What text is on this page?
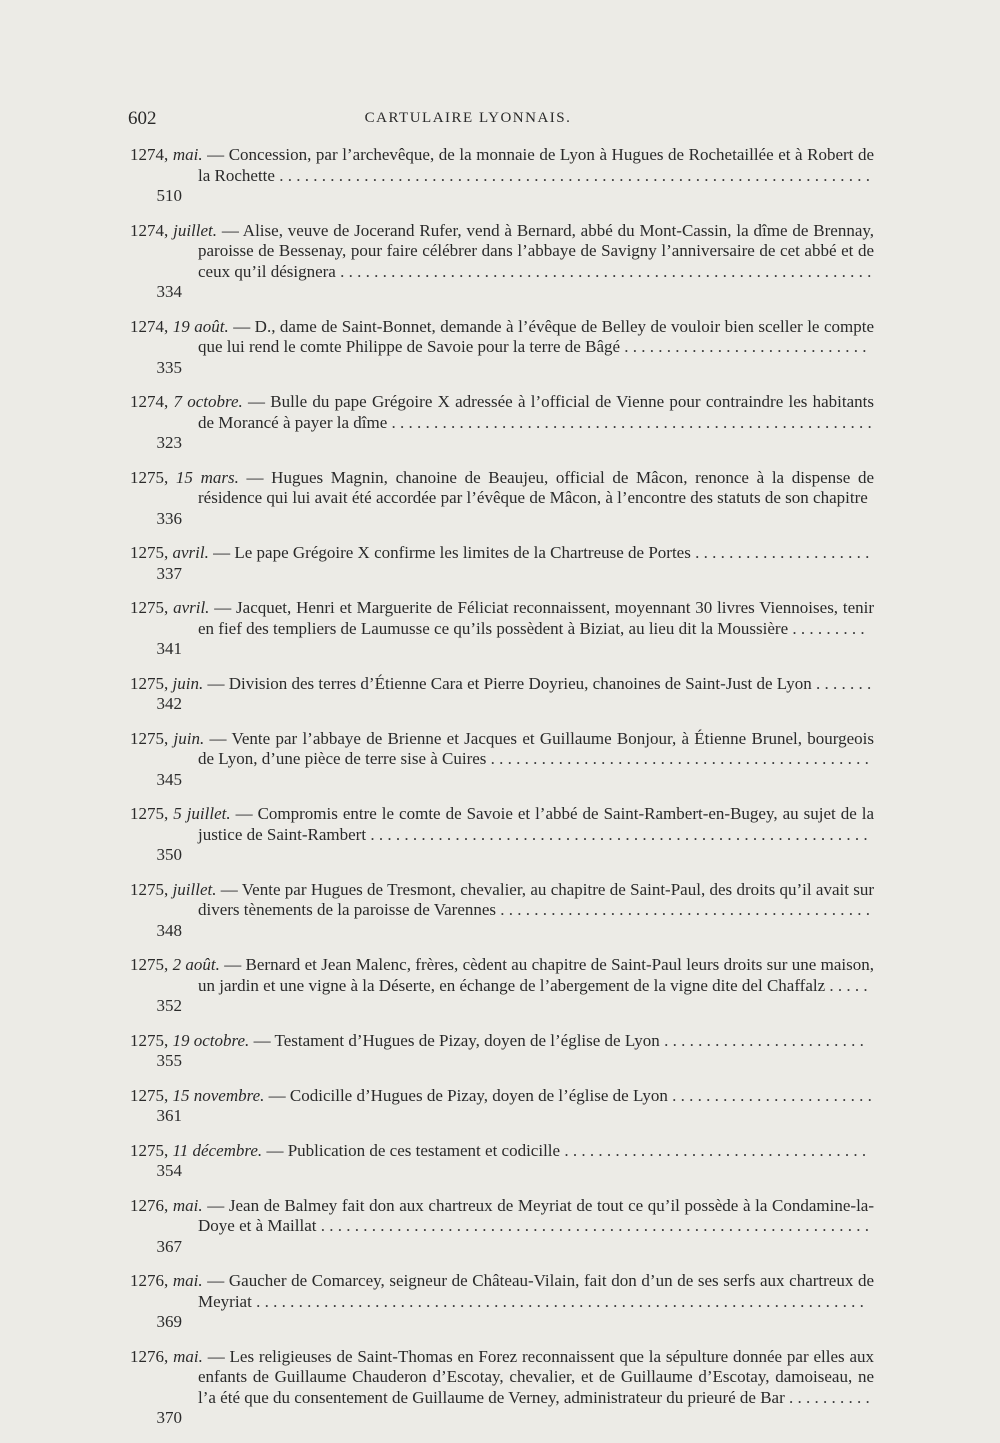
602	CARTULAIRE LYONNAIS.
1274, mai. — Concession, par l’archevêque, de la monnaie de Lyon à Hugues de Rochetaillée et à Robert de la Rochette . . . . . . . . . . . . . . . . . . . . . . . . . . . . . . . . . . . . . . . . . . . . . . . . . . . . . . . . . . . . . . . . . . . . . .510
1274, juillet. — Alise, veuve de Jocerand Rufer, vend à Bernard, abbé du Mont-Cassin, la dîme de Brennay, paroisse de Bessenay, pour faire célébrer dans l’abbaye de Savigny l’anniversaire de cet abbé et de ceux qu’il désignera . . . . . . . . . . . . . . . . . . . . . . . . . . . . . . . . . . . . . . . . . . . . . . . . . . . . . . . . . . . . . . .334
1274, 19 août. — D., dame de Saint-Bonnet, demande à l’évêque de Belley de vouloir bien sceller le compte que lui rend le comte Philippe de Savoie pour la terre de Bâgé . . . . . . . . . . . . . . . . . . . . . . . . . . . . .335
1274, 7 octobre. — Bulle du pape Grégoire X adressée à l’official de Vienne pour contraindre les habitants de Morancé à payer la dîme . . . . . . . . . . . . . . . . . . . . . . . . . . . . . . . . . . . . . . . . . . . . . . . . . . . . . . . . .323
1275, 15 mars. — Hugues Magnin, chanoine de Beaujeu, official de Mâcon, renonce à la dispense de résidence qui lui avait été accordée par l’évêque de Mâcon, à l’encontre des statuts de son chapitre336
1275, avril. — Le pape Grégoire X confirme les limites de la Chartreuse de Portes . . . . . . . . . . . . . . . . . . . . .337
1275, avril. — Jacquet, Henri et Marguerite de Féliciat reconnaissent, moyennant 30 livres Viennoises, tenir en fief des templiers de Laumusse ce qu’ils possèdent à Biziat, au lieu dit la Moussière . . . . . . . . .341
1275, juin. — Division des terres d’Étienne Cara et Pierre Doyrieu, chanoines de Saint-Just de Lyon . . . . . . .342
1275, juin. — Vente par l’abbaye de Brienne et Jacques et Guillaume Bonjour, à Étienne Brunel, bourgeois de Lyon, d’une pièce de terre sise à Cuires . . . . . . . . . . . . . . . . . . . . . . . . . . . . . . . . . . . . . . . . . . . . .345
1275, 5 juillet. — Compromis entre le comte de Savoie et l’abbé de Saint-Rambert-en-Bugey, au sujet de la justice de Saint-Rambert . . . . . . . . . . . . . . . . . . . . . . . . . . . . . . . . . . . . . . . . . . . . . . . . . . . . . . . . . . .350
1275, juillet. — Vente par Hugues de Tresmont, chevalier, au chapitre de Saint-Paul, des droits qu’il avait sur divers tènements de la paroisse de Varennes . . . . . . . . . . . . . . . . . . . . . . . . . . . . . . . . . . . . . . . . . . . .348
1275, 2 août. — Bernard et Jean Malenc, frères, cèdent au chapitre de Saint-Paul leurs droits sur une maison, un jardin et une vigne à la Déserte, en échange de l’abergement de la vigne dite del Chaffalz . . . . .352
1275, 19 octobre. — Testament d’Hugues de Pizay, doyen de l’église de Lyon . . . . . . . . . . . . . . . . . . . . . . . .355
1275, 15 novembre. — Codicille d’Hugues de Pizay, doyen de l’église de Lyon . . . . . . . . . . . . . . . . . . . . . . . .361
1275, 11 décembre. — Publication de ces testament et codicille . . . . . . . . . . . . . . . . . . . . . . . . . . . . . . . . . . . .354
1276, mai. — Jean de Balmey fait don aux chartreux de Meyriat de tout ce qu’il possède à la Condamine-la-Doye et à Maillat . . . . . . . . . . . . . . . . . . . . . . . . . . . . . . . . . . . . . . . . . . . . . . . . . . . . . . . . . . . . . . . . .367
1276, mai. — Gaucher de Comarcey, seigneur de Château-Vilain, fait don d’un de ses serfs aux chartreux de Meyriat . . . . . . . . . . . . . . . . . . . . . . . . . . . . . . . . . . . . . . . . . . . . . . . . . . . . . . . . . . . . . . . . . . . . . . . .369
1276, mai. — Les religieuses de Saint-Thomas en Forez reconnaissent que la sépulture donnée par elles aux enfants de Guillaume Chauderon d’Escotay, chevalier, et de Guillaume d’Escotay, damoiseau, ne l’a été que du consentement de Guillaume de Verney, administrateur du prieuré de Bar . . . . . . . . . .370
